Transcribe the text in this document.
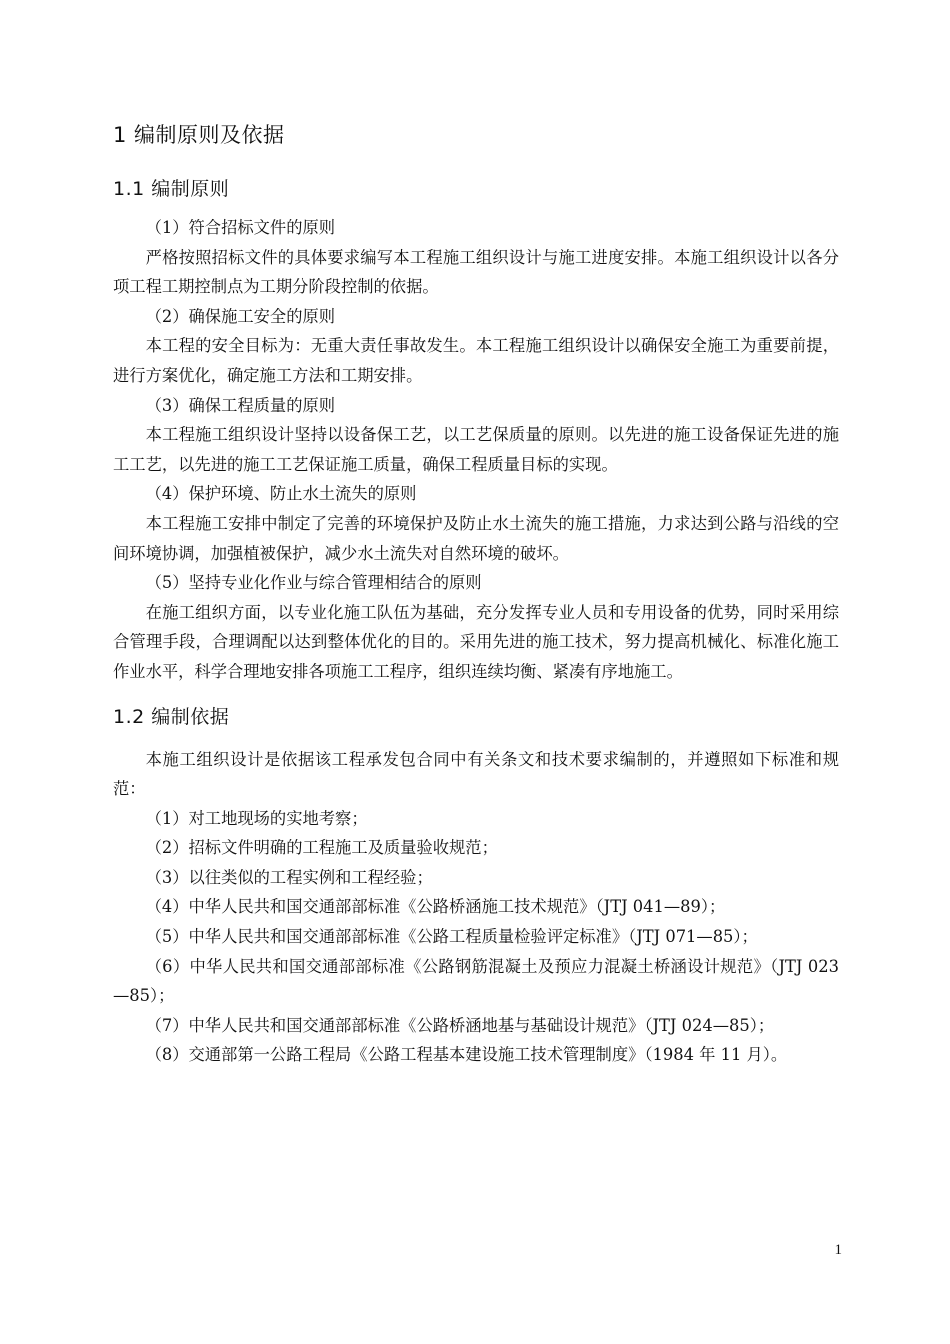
1 编制原则及依据
1.1 编制原则

（1）符合招标文件的原则

严格按照招标文件的具体要求编写本工程施工组织设计与施工进度安排。本施工组织设计以各分项工程工期控制点为工期分阶段控制的依据。

（2）确保施工安全的原则

本工程的安全目标为：无重大责任事故发生。本工程施工组织设计以确保安全施工为重要前提，进行方案优化，确定施工方法和工期安排。

（3）确保工程质量的原则

本工程施工组织设计坚持以设备保工艺，以工艺保质量的原则。以先进的施工设备保证先进的施工工艺，以先进的施工工艺保证施工质量，确保工程质量目标的实现。

（4）保护环境、防止水土流失的原则

本工程施工安排中制定了完善的环境保护及防止水土流失的施工措施，力求达到公路与沿线的空间环境协调，加强植被保护，减少水土流失对自然环境的破坏。

（5）坚持专业化作业与综合管理相结合的原则

在施工组织方面，以专业化施工队伍为基础，充分发挥专业人员和专用设备的优势，同时采用综合管理手段，合理调配以达到整体优化的目的。采用先进的施工技术，努力提高机械化、标准化施工作业水平，科学合理地安排各项施工工程序，组织连续均衡、紧凑有序地施工。

1.2 编制依据

本施工组织设计是依据该工程承发包合同中有关条文和技术要求编制的，并遵照如下标准和规范：

（1）对工地现场的实地考察；

（2）招标文件明确的工程施工及质量验收规范；

（3）以往类似的工程实例和工程经验；

（4）中华人民共和国交通部部标准《公路桥涵施工技术规范》（JTJ 041—89）；

（5）中华人民共和国交通部部标准《公路工程质量检验评定标准》（JTJ 071—85）；

（6）中华人民共和国交通部部标准《公路钢筋混凝土及预应力混凝土桥涵设计规范》（JTJ 023—85）；

（7）中华人民共和国交通部部标准《公路桥涵地基与基础设计规范》（JTJ 024—85）；

（8）交通部第一公路工程局《公路工程基本建设施工技术管理制度》（1984 年 11 月）。

1
